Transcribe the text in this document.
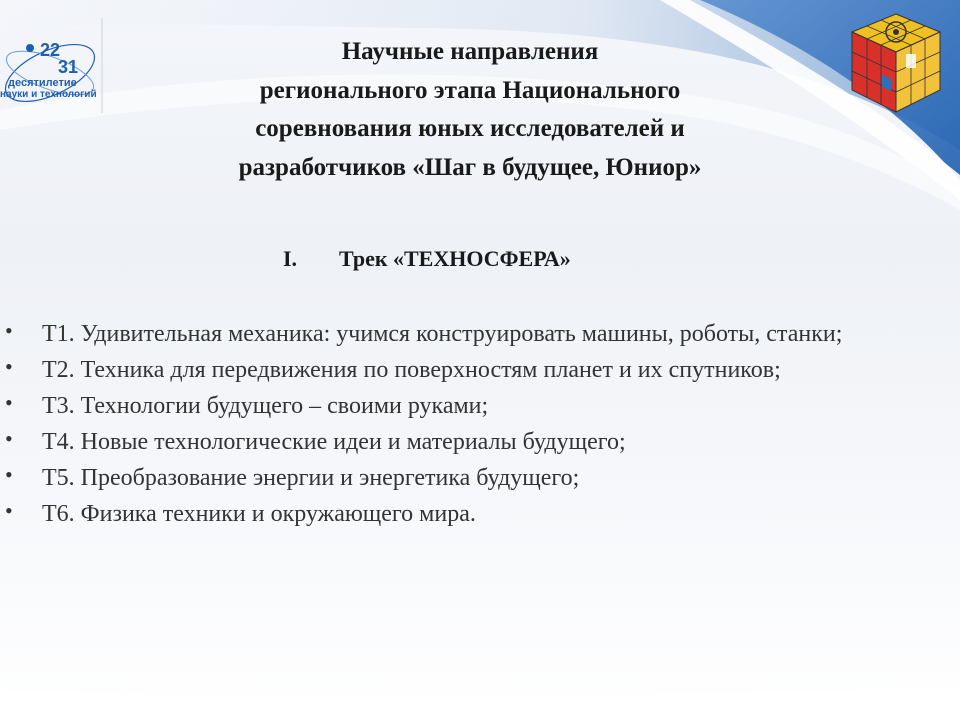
22
31
десятилетие
науки и технологий
Научные направления
регионального этапа Национального
соревнования юных исследователей и
разработчиков «Шаг в будущее, Юниор»
I. Трек «ТЕХНОСФЕРА»
• Т1. Удивительная механика: учимся конструировать машины, роботы, станки;
• Т2. Техника для передвижения по поверхностям планет и их спутников;
• Т3. Технологии будущего – своими руками;
• Т4. Новые технологические идеи и материалы будущего;
• Т5. Преобразование энергии и энергетика будущего;
• Т6. Физика техники и окружающего мира.
